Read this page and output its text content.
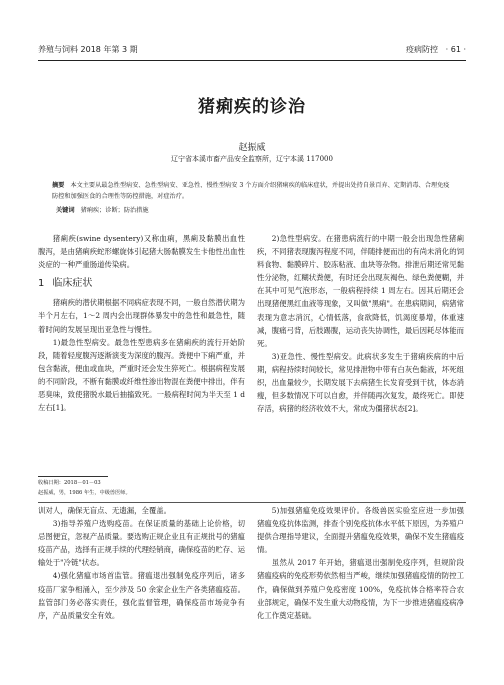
养殖与饲料 2018 年第 3 期	疫病防控 · 61 ·
猪痢疾的诊治
赵振威
辽宁省本溪市畜产品安全监察所，辽宁本溪 117000
摘要 本文主要从最急性型病安、急性型病安、亚急性、慢性型病安 3 个方面介绍猪痢疾的临床症状，并提出处持自景百弃、定期消毒、合理免疫防控和加强医食的合理性等防控措施，对症治疗。
关键词 猪痢疾；诊断；防治措施

猪痢疾(swine dysentery)又称血痢，黑痢及黏膜出血性腹泻，是由猪痢疾蛇形螺旋体引起猪大肠黏膜发生卡他性出血性炎症的一种严重肠道传染病。

1 临床症状

猪痢疾的潜伏期根据不同病症表现不同，一般自然潜伏期为半个月左右，1～2 周内会出现群体暴发中的急性和最急性，随着时间的发展呈现出亚急性与慢性。

1)最急性型病安。最急性型患病多在猪痢疾的流行开始阶段，随着轻度腹泻逐渐演变为深度的腹泻。粪便中下痢严重，并包含黏液，便血或血块，严重时还会发生猝死亡。根据病程发展的不同阶段，不断有黏膜或纤维性渗出物混在粪便中排出，伴有恶臭味，致使猪脱水最后抽搐致死。一般病程时间为半天至 1 d 左右[1]。

2)急性型病安。在猪患病流行的中期一般会出现急性猪痢疾，不同猪表现腹泻程度不同，伴随排便而出的有尚未消化的饲料食物、黏膜碎片、胶冻粘液、血块等杂物。排泄后期还常见黏性分泌物，红糊状粪便，有时还会出现灰褐色、绿色粪便糊，并在其中可见气泡形态，一般病程持续 1 周左右。因其后期还会出现猪便黑红血液等现象，又叫做"黑痢"。在患病期间，病猪常表现为意志消沉，心情低落，食欲降低，饥渴度暴增，体重速减，腹痛弓背，后肢踢腹，运动丧失协调性，最后因耗尽体能而死。

3)亚急性、慢性型病安。此病状多发生于猪痢疾病的中后期，病程持续时间较长，常见排泄物中带有白灰色黏液，坏死组织，出血量较少，长期发展下去病猪生长发育受到干扰，体态消瘦，但多数情况下可以自愈，并伴随再次复发，最终死亡。即使存活，病猪的经济收效不大，常成为僵猪状态[2]。

收稿日期：2018－01－03
赵振威，男，1986 年生，中级兽医师。

训对人，确保无盲点、无遗漏，全覆盖。

3)指导养殖户选购疫苗。在保证质量的基础上论价格，切忌图便宜，忽视产品质量。要选购正规企业且有正规批号的猪瘟疫苗产品，选择有正规手续的代理经销商，确保疫苗的贮存、运输处于"冷链"状态。

4)强化猪瘟市场首监管。猪瘟退出强制免疫序列后，诸多疫苗厂家争相涌入，至少涉及 50 余家企业生产各类猪瘟疫苗。监管部门务必落实责任，强化监督管理，确保疫苗市场竞争有序，产品质量安全有效。

5)加强猪瘟免疫效果评价。各级兽医实验室应进一步加强猪瘟免疫抗体监测，排查个别免疫抗体水平低下原因，为养殖户提供合理指导建议，全面提升猪瘟免疫效果，确保不发生猪瘟疫情。

虽然从 2017 年开始，猪瘟退出强制免疫序列，但规阶段猪瘟疫病的免疫形势依然相当严峻，继续加强猪瘟疫情的防控工作，确保做到养殖户免疫密度 100%，免疫抗体合格率符合农业部规定，确保不发生重大动物疫情，为下一步推进猪瘟疫病净化工作奠定基础。
